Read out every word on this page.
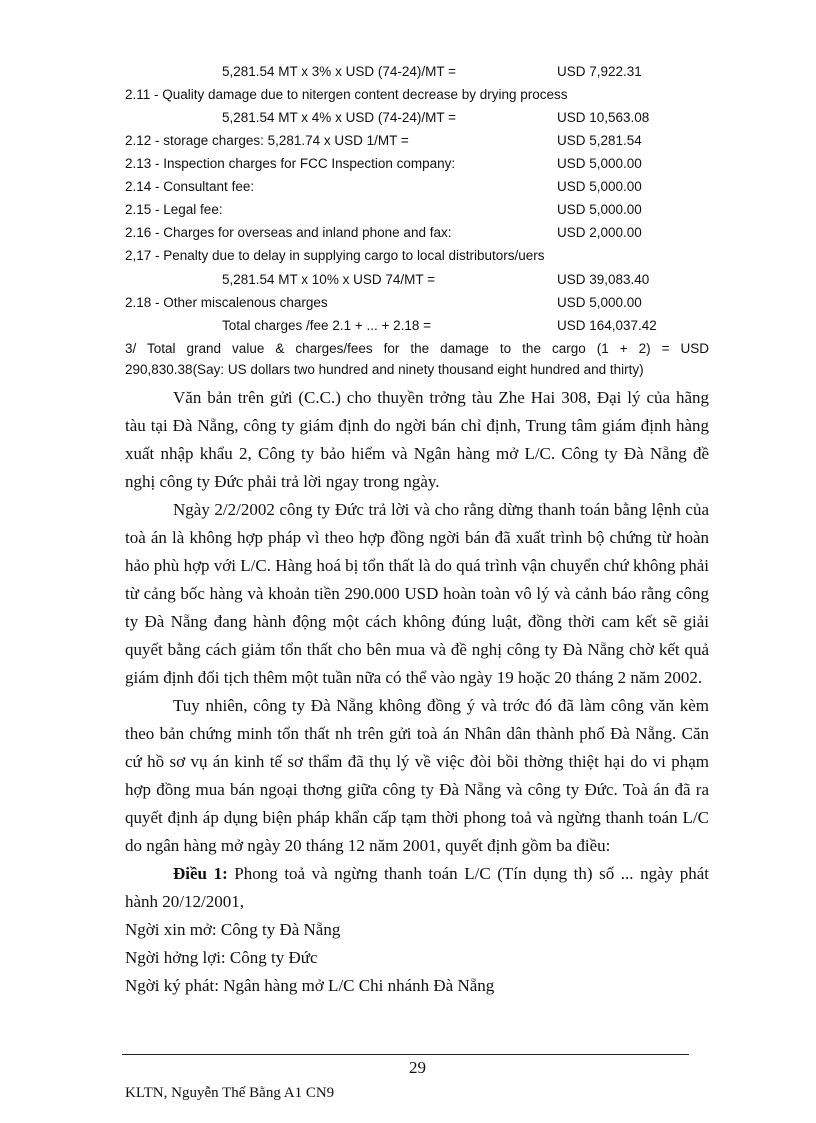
5,281.54 MT x 3% x USD (74-24)/MT =	USD 7,922.31
2.11 - Quality damage due to nitergen content decrease by drying process
5,281.54 MT x 4% x USD (74-24)/MT =	USD 10,563.08
2.12 - storage charges: 5,281.74 x USD 1/MT =	USD 5,281.54
2.13 - Inspection charges for FCC Inspection company:	USD 5,000.00
2.14 - Consultant fee:	USD 5,000.00
2.15 - Legal fee:	USD 5,000.00
2.16 - Charges for overseas and inland phone and fax:	USD 2,000.00
2,17 - Penalty due to delay in supplying cargo to local distributors/uers
5,281.54 MT x 10% x USD 74/MT =	USD 39,083.40
2.18 - Other miscalenous charges	USD 5,000.00
Total charges /fee 2.1 + ... + 2.18 =	USD 164,037.42
3/ Total grand value & charges/fees for the damage to the cargo (1 + 2) = USD
290,830.38(Say: US dollars two hundred and ninety thousand eight hundred and thirty)

Văn bản trên gửi (C.C.) cho thuyền trởng tàu Zhe Hai 308, Đại lý của hãng tàu tại Đà Nẵng, công ty giám định do ngời bán chỉ định, Trung tâm giám định hàng xuất nhập khẩu 2, Công ty bảo hiểm và Ngân hàng mở L/C. Công ty Đà Nẵng đề nghị công ty Đức phải trả lời ngay trong ngày.

Ngày 2/2/2002 công ty Đức trả lời và cho rằng dừng thanh toán bằng lệnh của toà án là không hợp pháp vì theo hợp đồng ngời bán đã xuất trình bộ chứng từ hoàn hảo phù hợp với L/C. Hàng hoá bị tổn thất là do quá trình vận chuyển chứ không phải từ cảng bốc hàng và khoản tiền 290.000 USD hoàn toàn vô lý và cảnh báo rằng công ty Đà Nẵng đang hành động một cách không đúng luật, đồng thời cam kết sẽ giải quyết bằng cách giảm tổn thất cho bên mua và đề nghị công ty Đà Nẵng chờ kết quả giám định đối tịch thêm một tuần nữa có thể vào ngày 19 hoặc 20 tháng 2 năm 2002.

Tuy nhiên, công ty Đà Nẵng không đồng ý và trớc đó đã làm công văn kèm theo bản chứng minh tổn thất nh trên gửi toà án Nhân dân thành phố Đà Nẵng. Căn cứ hồ sơ vụ án kinh tế sơ thẩm đã thụ lý về việc đòi bồi thờng thiệt hại do vi phạm hợp đồng mua bán ngoại thơng giữa công ty Đà Nẵng và công ty Đức. Toà án đã ra quyết định áp dụng biện pháp khẩn cấp tạm thời phong toả và ngừng thanh toán L/C do ngân hàng mở ngày 20 tháng 12 năm 2001, quyết định gồm ba điều:

Điều 1: Phong toả và ngừng thanh toán L/C (Tín dụng th) số ... ngày phát hành 20/12/2001,

Ngời xin mở: Công ty Đà Nẵng
Ngời hởng lợi: Công ty Đức
Ngời ký phát: Ngân hàng mở L/C Chi nhánh Đà Nẵng
29
KLTN, Nguyễn Thế Bằng A1 CN9
